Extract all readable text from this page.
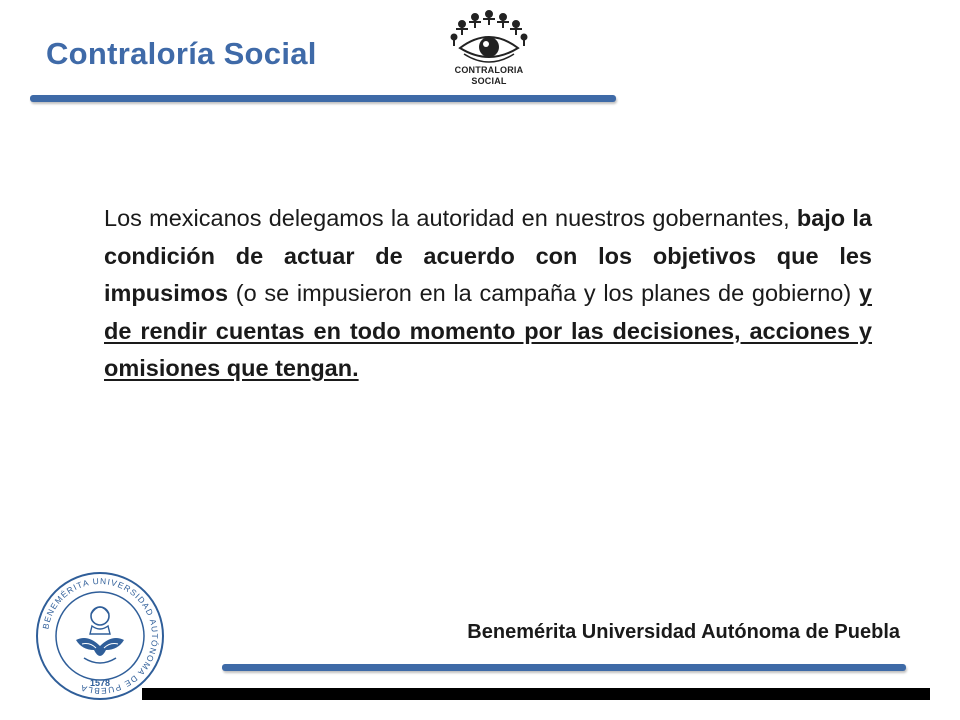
Contraloría Social	CONTRALORIA
SOCIAL
Los mexicanos delegamos la autoridad en nuestros gobernantes, bajo la condición de actuar de acuerdo con los objetivos que les impusimos (o se impusieron en la campaña y los planes de gobierno) y de rendir cuentas en todo momento por las decisiones, acciones y omisiones que tengan.
BENEMÉRITA UNIVERSIDAD AUTÓNOMA DE PUEBLA 1578
Benemérita Universidad Autónoma de Puebla
